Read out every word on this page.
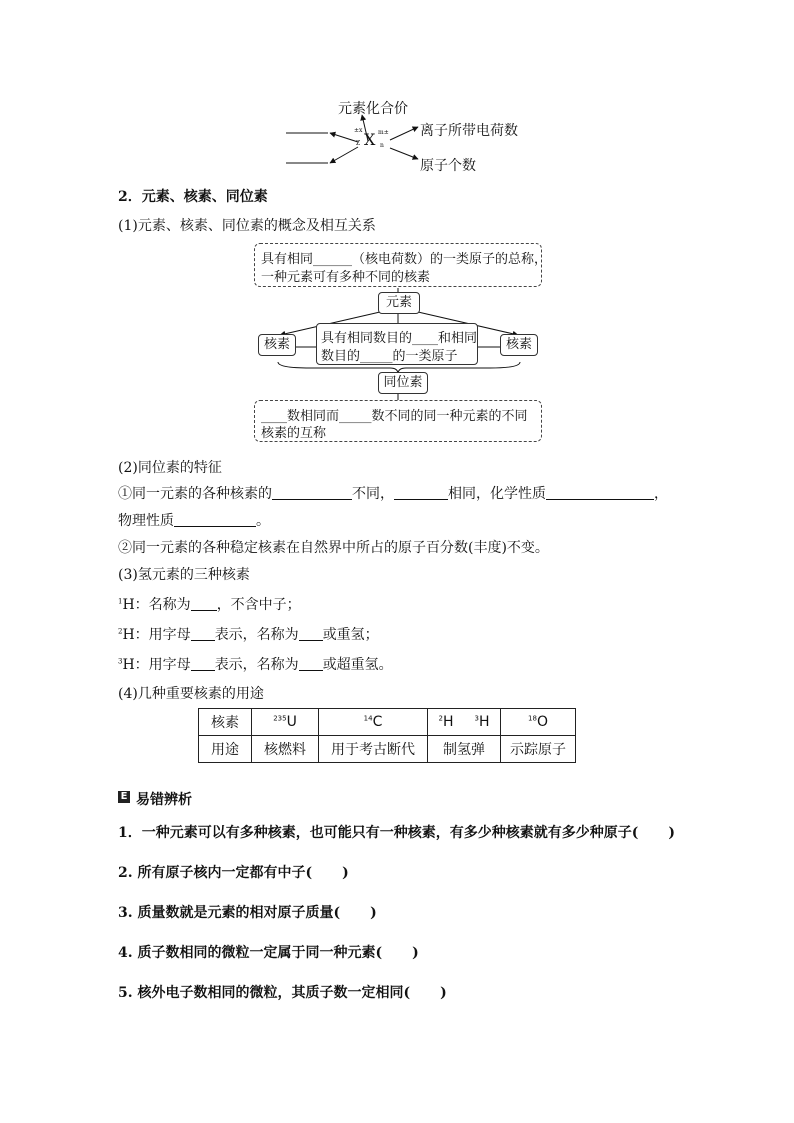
元素化合价
离子所带电荷数
原子个数
±x
Z X m±
n
2．元素、核素、同位素
(1)元素、核素、同位素的概念及相互关系
具有相同______（核电荷数）的一类原子的总称，
一种元素可有多种不同的核素
元素
核素	核素
具有相同数目的____和相同
数目的_____的一类原子
同位素
____数相同而_____数不同的同一种元素的不同
核素的互称
(2)同位素的特征
①同一元素的各种核素的	不同，	相同，化学性质	，
物理性质	。
②同一元素的各种稳定核素在自然界中所占的原子百分数(丰度)不变。
(3)氢元素的三种核素
$^1$H：名称为 ，不含中子；
$^2$H：用字母 表示，名称为 或重氢；
$^3$H：用字母 表示，名称为 或超重氢。
(4)几种重要核素的用途
核素	$^{235}$U	$^{14}$C	$^2$H	$^3$H	$^{18}$O
用途	核燃料	用于考古断代	制氢弹		示踪原子
E 易错辨析
1．一种元素可以有多种核素，也可能只有一种核素，有多少种核素就有多少种原子( )
2. 所有原子核内一定都有中子( )
3. 质量数就是元素的相对原子质量( )
4. 质子数相同的微粒一定属于同一种元素( )
5. 核外电子数相同的微粒，其质子数一定相同( )
